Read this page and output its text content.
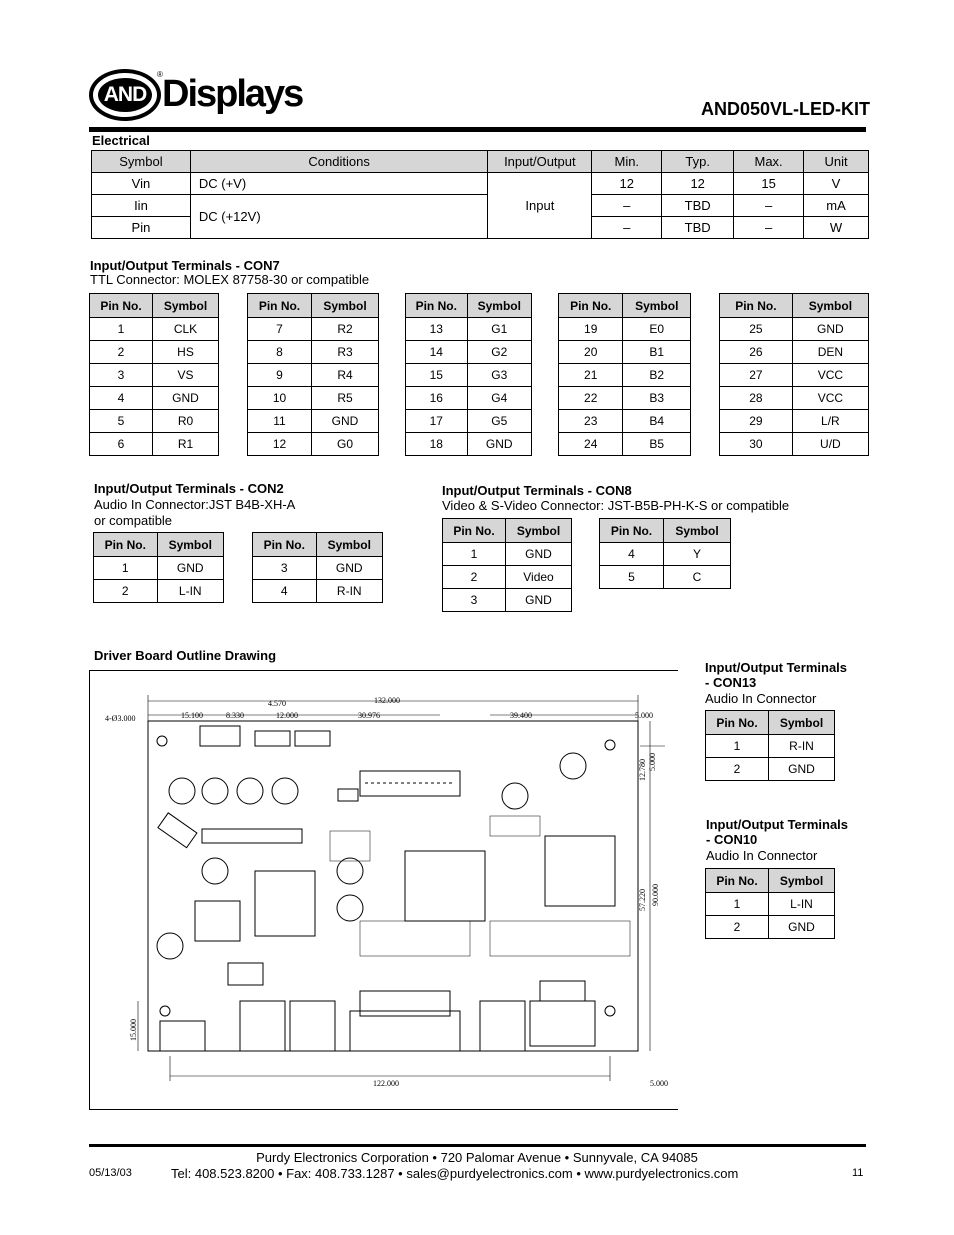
AND
® Displays	AND050VL-LED-KIT
Electrical
Symbol	Conditions	Input/Output	Min.	Typ.	Max.	Unit
Vin	DC (+V)	Input	12	12	15	V
Iin	DC (+12V)		–	TBD	–	mA
Pin			–	TBD	–	W
Input/Output Terminals - CON7
TTL Connector: MOLEX 87758-30 or compatible
Pin No.	Symbol
1	CLK
2	HS
3	VS
4	GND
5	R0
6	R1
Pin No.	Symbol
7	R2
8	R3
9	R4
10	R5
11	GND
12	G0
Pin No.	Symbol
13	G1
14	G2
15	G3
16	G4
17	G5
18	GND
Pin No.	Symbol
19	E0
20	B1
21	B2
22	B3
23	B4
24	B5
Pin No.	Symbol
25	GND
26	DEN
27	VCC
28	VCC
29	L/R
30	U/D
Input/Output Terminals - CON2
Audio In Connector:JST B4B-XH-A
or compatible
Pin No.	Symbol
1	GND
2	L-IN
Pin No.	Symbol
3	GND
4	R-IN
Input/Output Terminals - CON8
Video & S-Video Connector: JST-B5B-PH-K-S or compatible
Pin No.	Symbol
1	GND
2	Video
3	GND
Pin No.	Symbol
4	Y
5	C
Driver Board Outline Drawing
4-Ø3.000
4.570
15.100	8.330	12.000	30.976
132.000
39.400	5.000
12.780 5.000
57.220 90.000
15.000
122.000	5.000
Input/Output Terminals
- CON13
Audio In Connector
Pin No.	Symbol
1	R-IN
2	GND
Input/Output Terminals
- CON10
Audio In Connector
Pin No.	Symbol
1	L-IN
2	GND
Purdy Electronics Corporation • 720 Palomar Avenue • Sunnyvale, CA 94085
05/13/03	Tel: 408.523.8200 • Fax: 408.733.1287 • sales@purdyelectronics.com • www.purdyelectronics.com	11
